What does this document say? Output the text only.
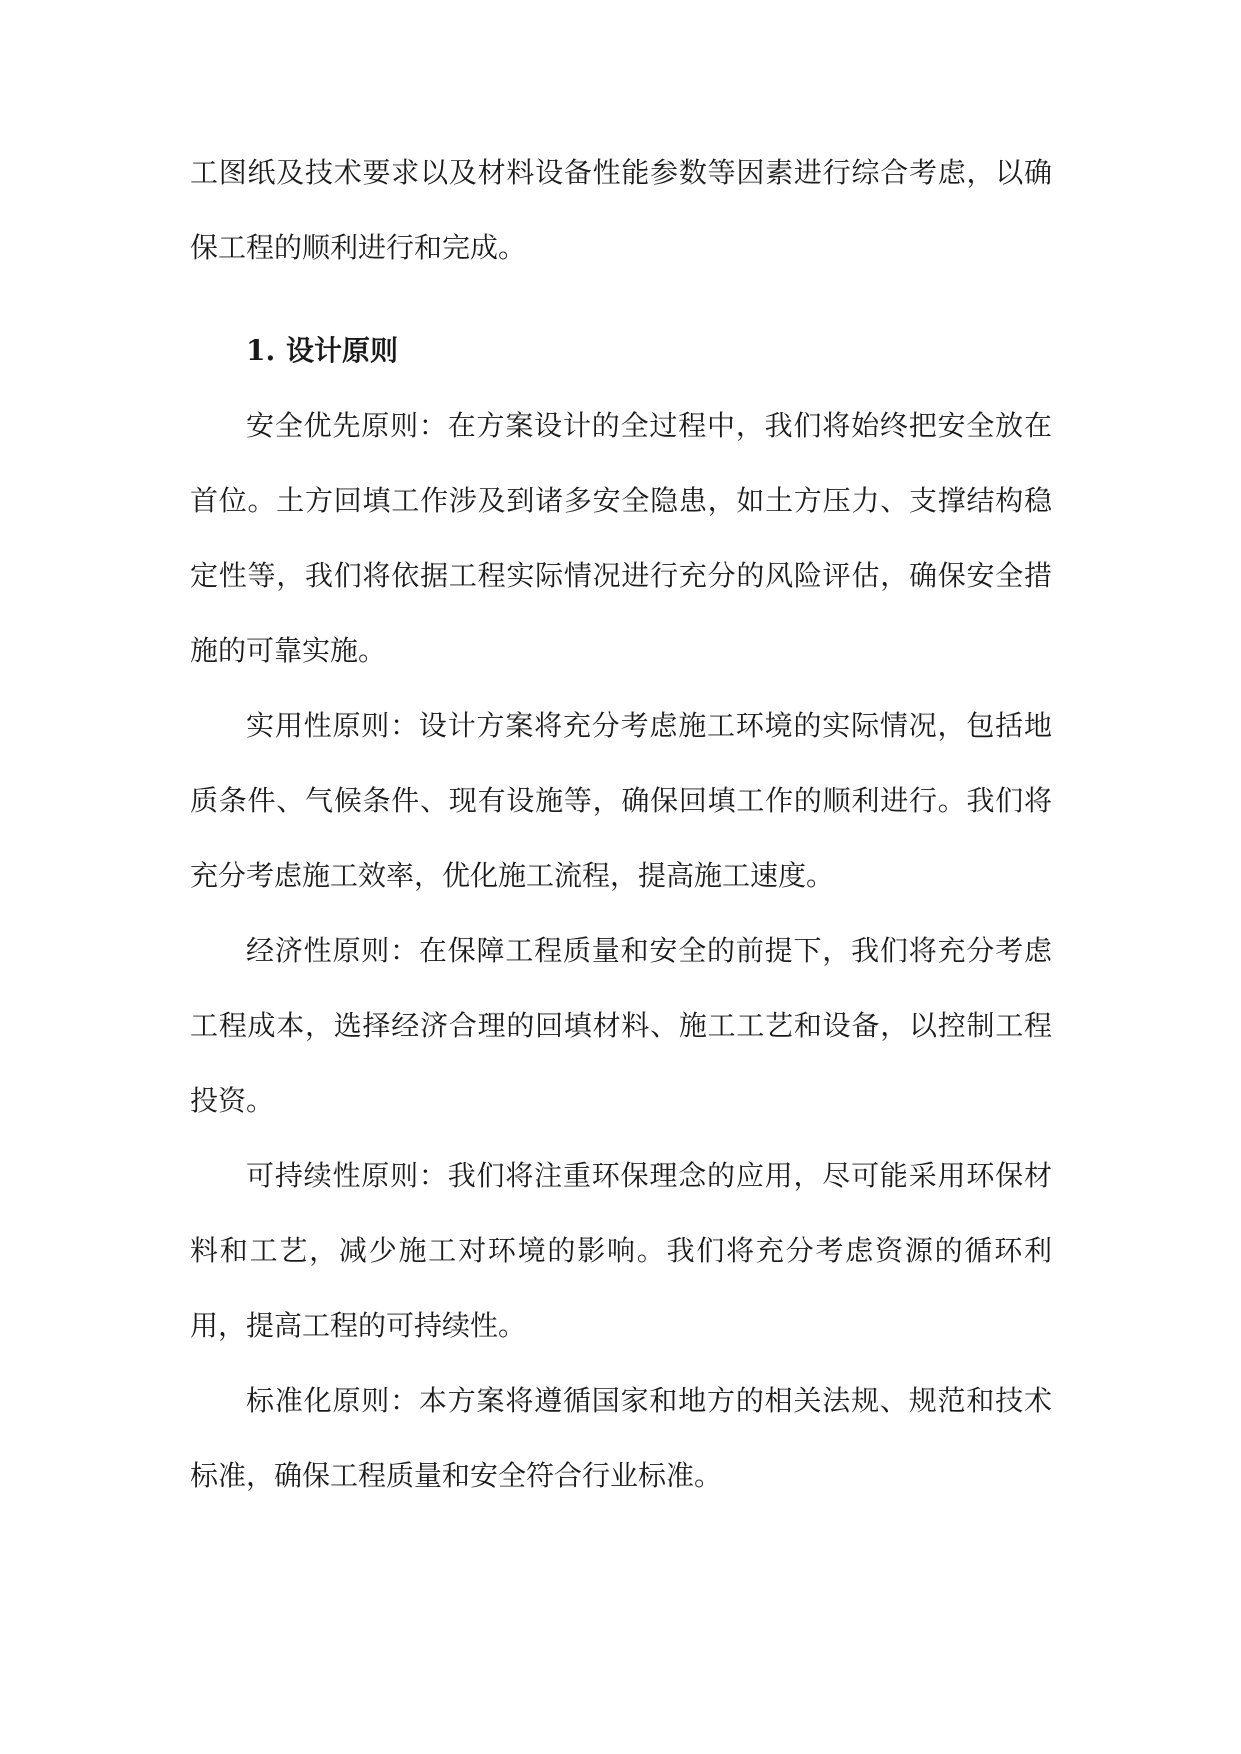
工图纸及技术要求以及材料设备性能参数等因素进行综合考虑，以确保工程的顺利进行和完成。

1. 设计原则

安全优先原则：在方案设计的全过程中，我们将始终把安全放在首位。土方回填工作涉及到诸多安全隐患，如土方压力、支撑结构稳定性等，我们将依据工程实际情况进行充分的风险评估，确保安全措施的可靠实施。

实用性原则：设计方案将充分考虑施工环境的实际情况，包括地质条件、气候条件、现有设施等，确保回填工作的顺利进行。我们将充分考虑施工效率，优化施工流程，提高施工速度。

经济性原则：在保障工程质量和安全的前提下，我们将充分考虑工程成本，选择经济合理的回填材料、施工工艺和设备，以控制工程投资。

可持续性原则：我们将注重环保理念的应用，尽可能采用环保材料和工艺，减少施工对环境的影响。我们将充分考虑资源的循环利用，提高工程的可持续性。

标准化原则：本方案将遵循国家和地方的相关法规、规范和技术标准，确保工程质量和安全符合行业标准。
